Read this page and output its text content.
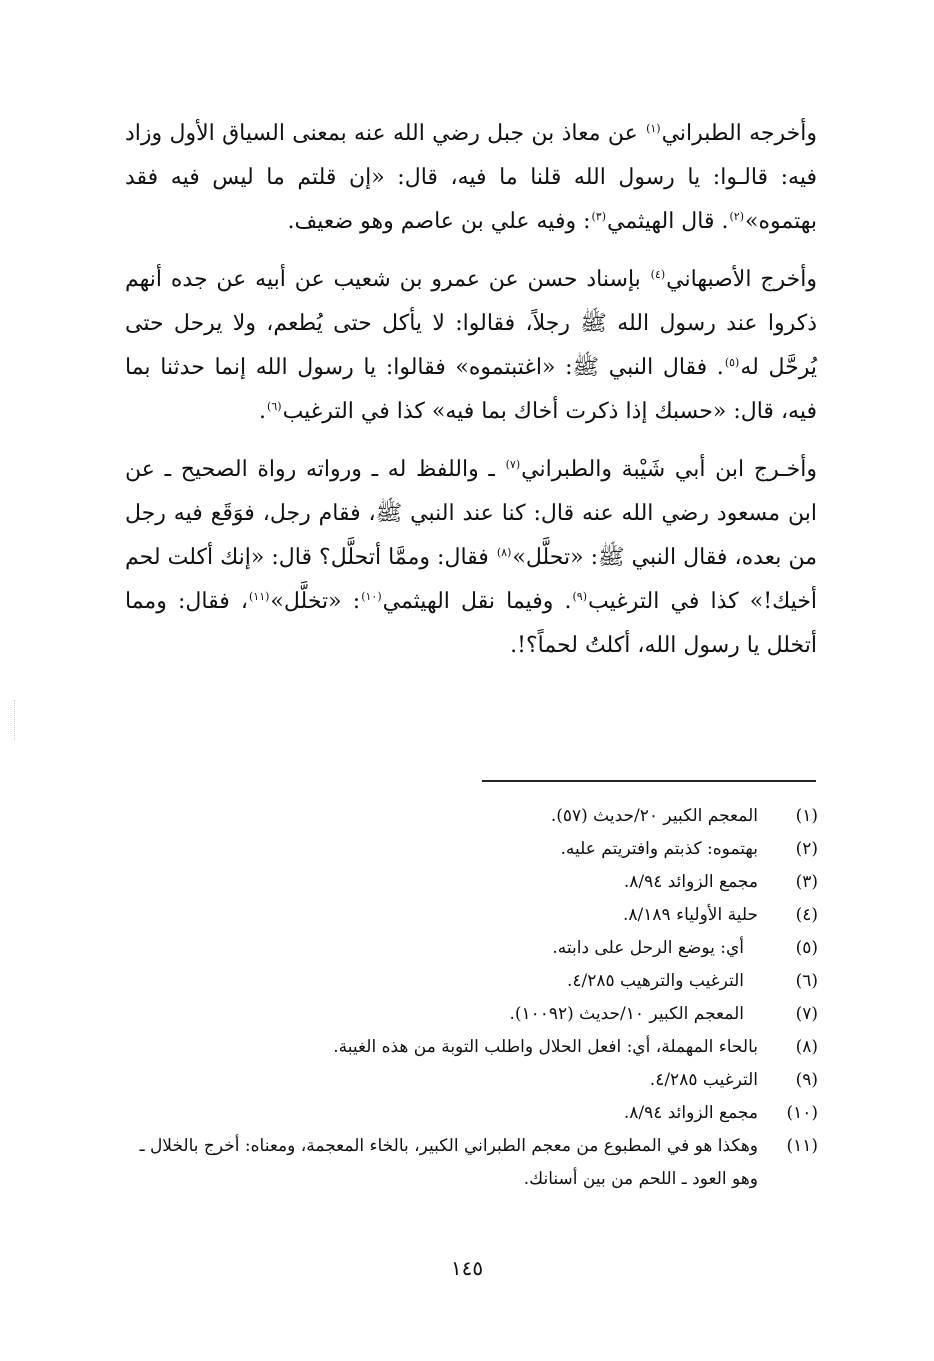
وأخرجه الطبراني$^{(١)}$ عن معاذ بن جبل رضي الله عنه بمعنى السياق الأول وزاد فيه: قالـوا: يا رسول الله قلنا ما فيه، قال: «إن قلتم ما ليس فيه فقد بهتموه»$^{(٢)}$. قال الهيثمي$^{(٣)}$: وفيه علي بن عاصم وهو ضعيف.

وأخرج الأصبهاني$^{(٤)}$ بإسناد حسن عن عمرو بن شعيب عن أبيه عن جده أنهم ذكروا عند رسول الله ﷺ رجلاً، فقالوا: لا يأكل حتى يُطعم، ولا يرحل حتى يُرحَّل له$^{(٥)}$. فقال النبي ﷺ: «اغتبتموه» فقالوا: يا رسول الله إنما حدثنا بما فيه، قال: «حسبك إذا ذكرت أخاك بما فيه» كذا في الترغيب$^{(٦)}$.

وأخـرج ابن أبي شَيْبة والطبراني$^{(٧)}$ ـ واللفظ له ـ ورواته رواة الصحيح ـ عن ابن مسعود رضي الله عنه قال: كنا عند النبي ﷺ، فقام رجل، فوَقَع فيه رجل من بعده، فقال النبي ﷺ: «تحلَّل»$^{(٨)}$ فقال: وممَّا أتحلَّل؟ قال: «إنك أكلت لحم أخيك!» كذا في الترغيب$^{(٩)}$. وفيما نقل الهيثمي$^{(١٠)}$: «تخلَّل»$^{(١١)}$، فقال: ومما أتخلل يا رسول الله، أكلتُ لحماً؟!.

(١)
المعجم الكبير ٢٠/حديث (٥٧).
(٢)
بهتموه: كذبتم وافتريتم عليه.
(٣)
مجمع الزوائد ٨/٩٤.
(٤)
حلية الأولياء ٨/١٨٩.
(٥)
أي: يوضع الرحل على دابته.
(٦)
الترغيب والترهيب ٤/٢٨٥.
(٧)
المعجم الكبير ١٠/حديث (١٠٠٩٢).
(٨)
بالحاء المهملة، أي: افعل الحلال واطلب التوبة من هذه الغيبة.
(٩)
الترغيب ٤/٢٨٥.
(١٠)
مجمع الزوائد ٨/٩٤.
(١١)
وهكذا هو في المطبوع من معجم الطبراني الكبير، بالخاء المعجمة، ومعناه: أخرج بالخلال ـ وهو العود ـ اللحم من بين أسنانك.
١٤٥
